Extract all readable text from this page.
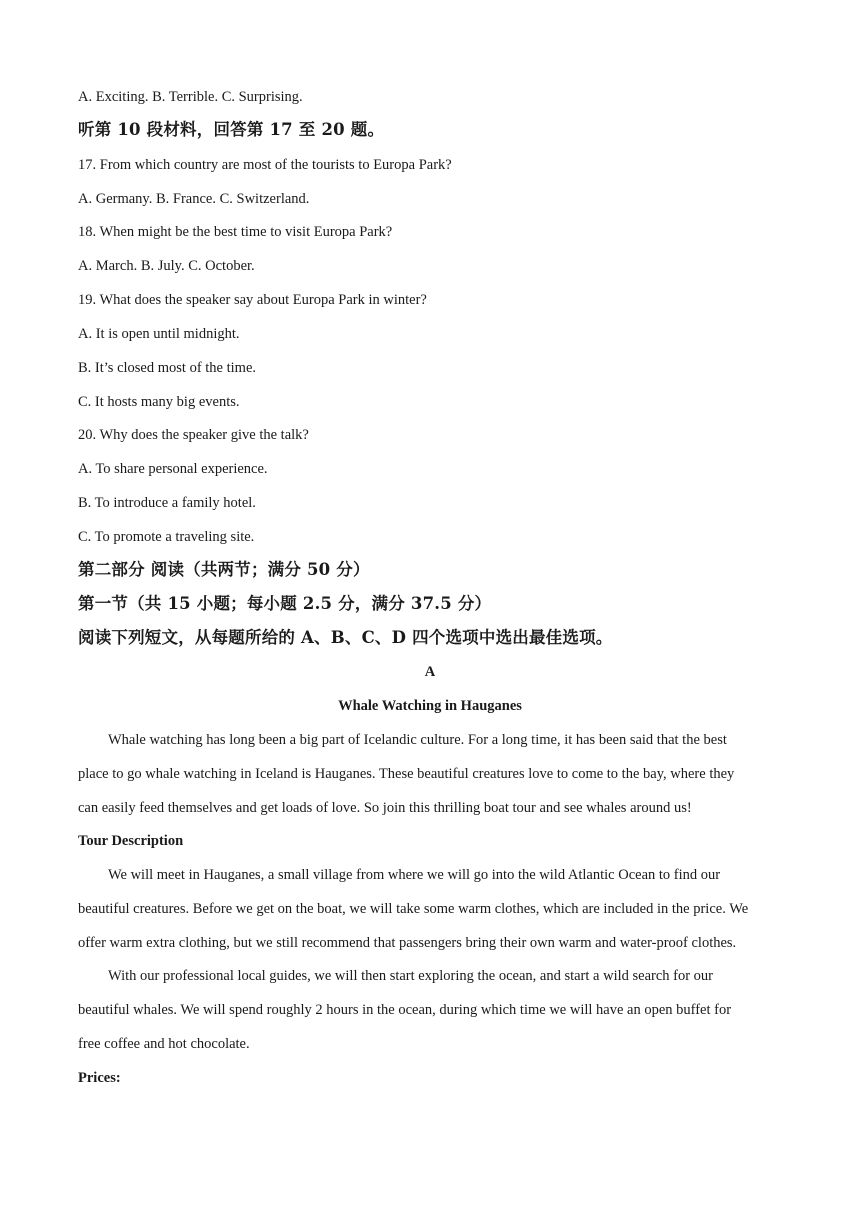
A. Exciting. B. Terrible. C. Surprising.
听第 10 段材料，回答第 17 至 20 题。
17. From which country are most of the tourists to Europa Park?
A. Germany. B. France. C. Switzerland.
18. When might be the best time to visit Europa Park?
A. March. B. July. C. October.
19. What does the speaker say about Europa Park in winter?
A. It is open until midnight.
B. It’s closed most of the time.
C. It hosts many big events.
20. Why does the speaker give the talk?
A. To share personal experience.
B. To introduce a family hotel.
C. To promote a traveling site.
第二部分 阅读（共两节；满分 50 分）
第一节（共 15 小题；每小题 2.5 分，满分 37.5 分）
阅读下列短文，从每题所给的 A、B、C、D 四个选项中选出最佳选项。
A
Whale Watching in Hauganes
Whale watching has long been a big part of Icelandic culture. For a long time, it has been said that the best
place to go whale watching in Iceland is Hauganes. These beautiful creatures love to come to the bay, where they
can easily feed themselves and get loads of love. So join this thrilling boat tour and see whales around us!
Tour Description
We will meet in Hauganes, a small village from where we will go into the wild Atlantic Ocean to find our
beautiful creatures. Before we get on the boat, we will take some warm clothes, which are included in the price. We
offer warm extra clothing, but we still recommend that passengers bring their own warm and water-proof clothes.
With our professional local guides, we will then start exploring the ocean, and start a wild search for our
beautiful whales. We will spend roughly 2 hours in the ocean, during which time we will have an open buffet for
free coffee and hot chocolate.
Prices:
